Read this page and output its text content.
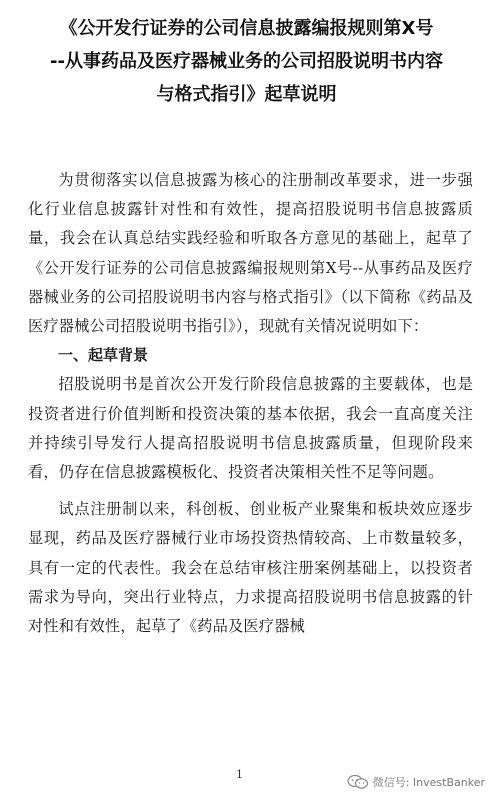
《公开发行证券的公司信息披露编报规则第X号
--从事药品及医疗器械业务的公司招股说明书内容
与格式指引》起草说明

为贯彻落实以信息披露为核心的注册制改革要求，进一步强化行业信息披露针对性和有效性，提高招股说明书信息披露质量，我会在认真总结实践经验和听取各方意见的基础上，起草了《公开发行证券的公司信息披露编报规则第X号--从事药品及医疗器械业务的公司招股说明书内容与格式指引》（以下简称《药品及医疗器械公司招股说明书指引》），现就有关情况说明如下：

一、起草背景

招股说明书是首次公开发行阶段信息披露的主要载体，也是投资者进行价值判断和投资决策的基本依据，我会一直高度关注并持续引导发行人提高招股说明书信息披露质量，但现阶段来看，仍存在信息披露模板化、投资者决策相关性不足等问题。

试点注册制以来，科创板、创业板产业聚集和板块效应逐步显现，药品及医疗器械行业市场投资热情较高、上市数量较多，具有一定的代表性。我会在总结审核注册案例基础上，以投资者需求为导向，突出行业特点，力求提高招股说明书信息披露的针对性和有效性，起草了《药品及医疗器械

1
微信号: InvestBanker
